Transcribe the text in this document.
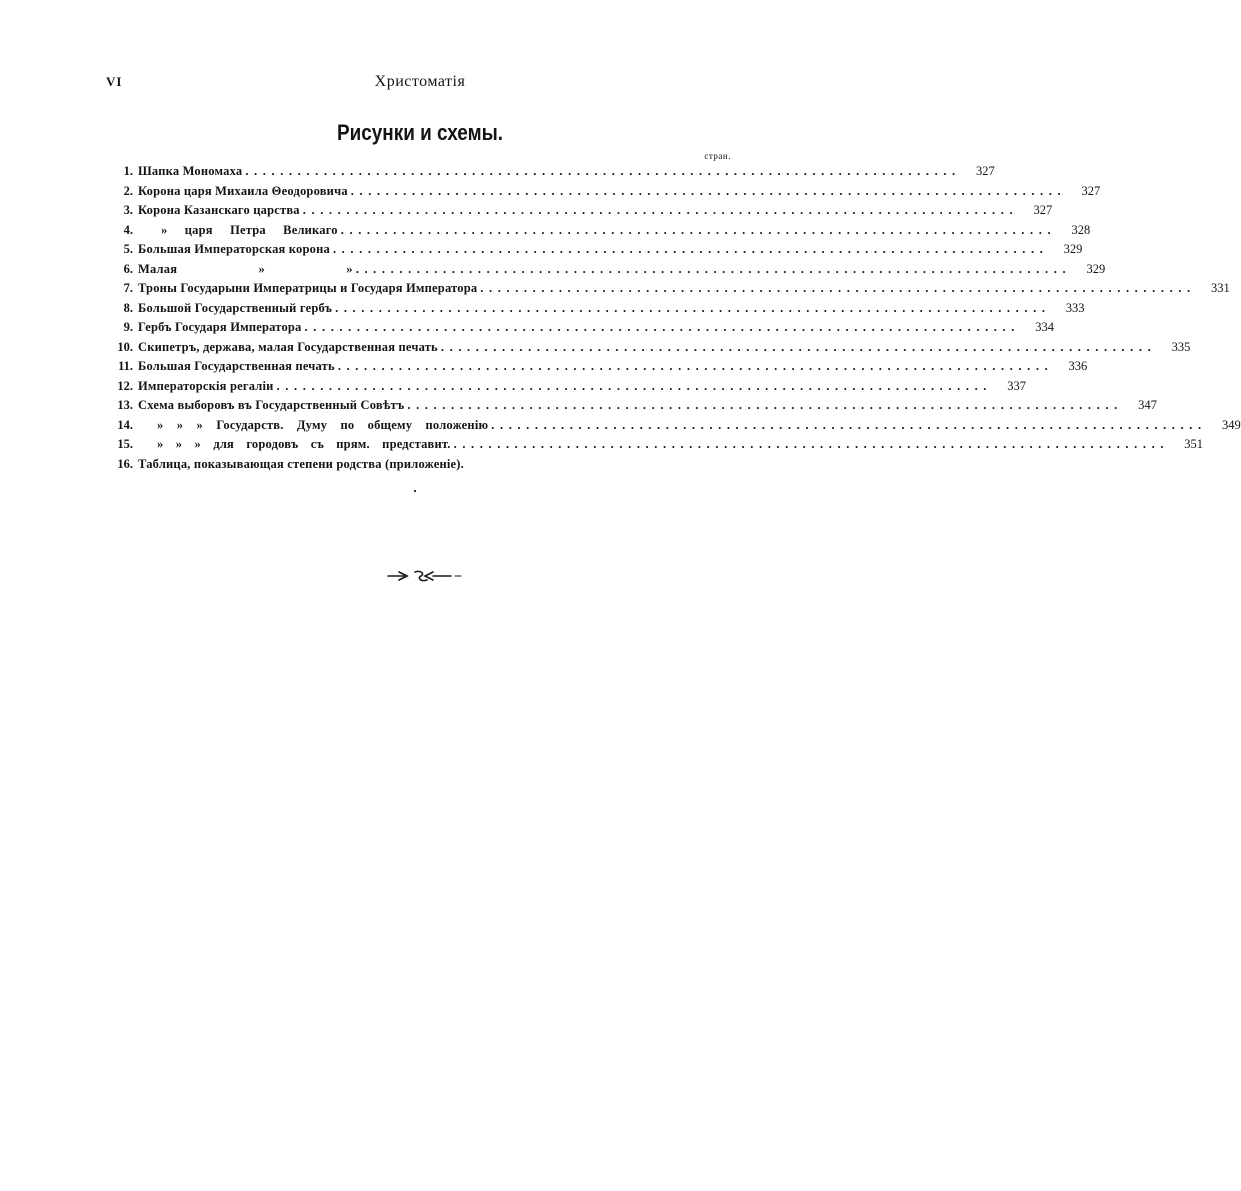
VI	Христоматія
Рисунки и схемы.
стран.
1. Шапка Мономаха ..................................................................................	327
2. Корона царя Михаила Θеодоровича ..................................................................................	327
3. Корона Казанскаго царства ..................................................................................	327
4.	» царя Петра Великаго ..................................................................................	328
5. Большая Императорская корона ..................................................................................	329
6. Малая » » ..................................................................................	329
7. Троны Государыни Императрицы и Государя Императора ..................................................................................	331
8. Большой Государственный гербъ ..................................................................................	333
9. Гербъ Государя Императора ..................................................................................	334
10. Скипетръ, держава, малая Государственная печать ..................................................................................	335
11. Большая Государственная печать ..................................................................................	336
12. Императорскія регаліи ..................................................................................	337
13. Схема выборовъ въ Государственный Совѣтъ ..................................................................................	347
14.	» » » Государств. Думу по общему положенію ..................................................................................	349
15.	» » » для городовъ съ прям. представит. ..................................................................................	351
16. Таблица, показывающая степени родства (приложеніе).
